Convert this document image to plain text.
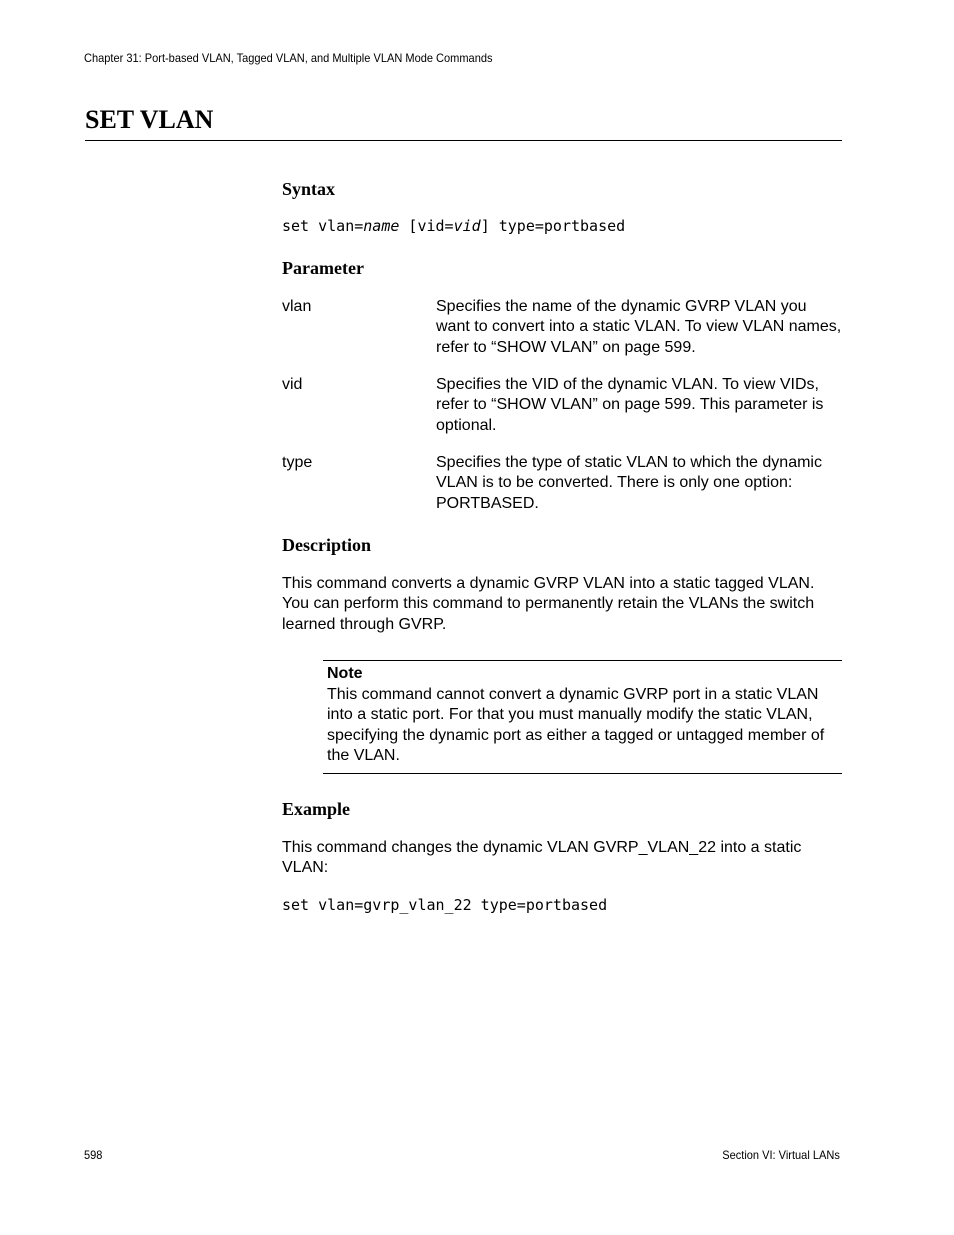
Chapter 31: Port-based VLAN, Tagged VLAN, and Multiple VLAN Mode Commands
SET VLAN
Syntax
set vlan=name [vid=vid] type=portbased
Parameter
vlan	Specifies the name of the dynamic GVRP VLAN you want to convert into a static VLAN. To view VLAN names, refer to “SHOW VLAN” on page 599.
vid	Specifies the VID of the dynamic VLAN. To view VIDs, refer to “SHOW VLAN” on page 599. This parameter is optional.
type	Specifies the type of static VLAN to which the dynamic VLAN is to be converted. There is only one option: PORTBASED.
Description

This command converts a dynamic GVRP VLAN into a static tagged VLAN. You can perform this command to permanently retain the VLANs the switch learned through GVRP.

Note
This command cannot convert a dynamic GVRP port in a static VLAN into a static port. For that you must manually modify the static VLAN, specifying the dynamic port as either a tagged or untagged member of the VLAN.
Example

This command changes the dynamic VLAN GVRP_VLAN_22 into a static VLAN:

set vlan=gvrp_vlan_22 type=portbased
598	Section VI: Virtual LANs
